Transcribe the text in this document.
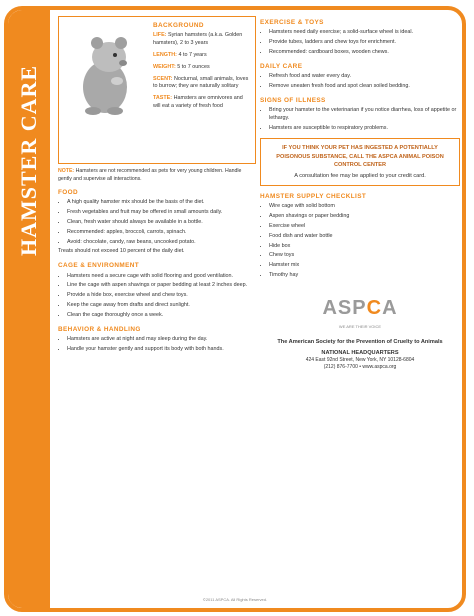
HAMSTER CARE
BACKGROUND
LIFE: Syrian hamsters (a.k.a. Golden hamsters), 2 to 3 years
LENGTH: 4 to 7 years
WEIGHT: 5 to 7 ounces
SCENT: Nocturnal, small animals, loves to burrow; they are naturally solitary
TASTE: Hamsters are omnivores and will eat a variety of fresh food
NOTE: Hamsters are not recommended as pets for very young children. Handle gently and supervise all interactions.
FOOD
• A high quality hamster mix should be the basis of the diet.
• Fresh vegetables and fruit may be offered in small amounts daily.
• Clean, fresh water should always be available in a bottle.
• Recommended: apples, broccoli, carrots, spinach.
• Avoid: chocolate, candy, raw beans, uncooked potato.
Treats should not exceed 10 percent of the daily diet.
CAGE & ENVIRONMENT
• Hamsters need a secure cage with solid flooring and good ventilation.
• Line the cage with aspen shavings or paper bedding at least 2 inches deep.
• Provide a hide box, exercise wheel and chew toys.
• Keep the cage away from drafts and direct sunlight.
• Clean the cage thoroughly once a week.
BEHAVIOR & HANDLING
• Hamsters are active at night and may sleep during the day.
• Handle your hamster gently and support its body with both hands.
EXERCISE & TOYS
• Hamsters need daily exercise; a solid-surface wheel is ideal.
• Provide tubes, ladders and chew toys for enrichment.
• Recommended: cardboard boxes, wooden chews.
DAILY CARE
• Refresh food and water every day.
• Remove uneaten fresh food and spot clean soiled bedding.
SIGNS OF ILLNESS
• Bring your hamster to the veterinarian if you notice diarrhea, loss of appetite or lethargy.
• Hamsters are susceptible to respiratory problems.
IF YOU THINK YOUR PET HAS INGESTED A POTENTIALLY POISONOUS SUBSTANCE, CALL THE ASPCA ANIMAL POISON CONTROL CENTER
A consultation fee may be applied to your credit card.
HAMSTER SUPPLY CHECKLIST
• Wire cage with solid bottom
• Aspen shavings or paper bedding
• Exercise wheel
• Food dish and water bottle
• Hide box
• Chew toys
• Hamster mix
• Timothy hay
ASPCA
WE ARE THEIR VOICE
The American Society for the Prevention of Cruelty to Animals
NATIONAL HEADQUARTERS
424 East 92nd Street, New York, NY 10128-6804
(212) 876-7700 • www.aspca.org
©2011 ASPCA. All Rights Reserved.
